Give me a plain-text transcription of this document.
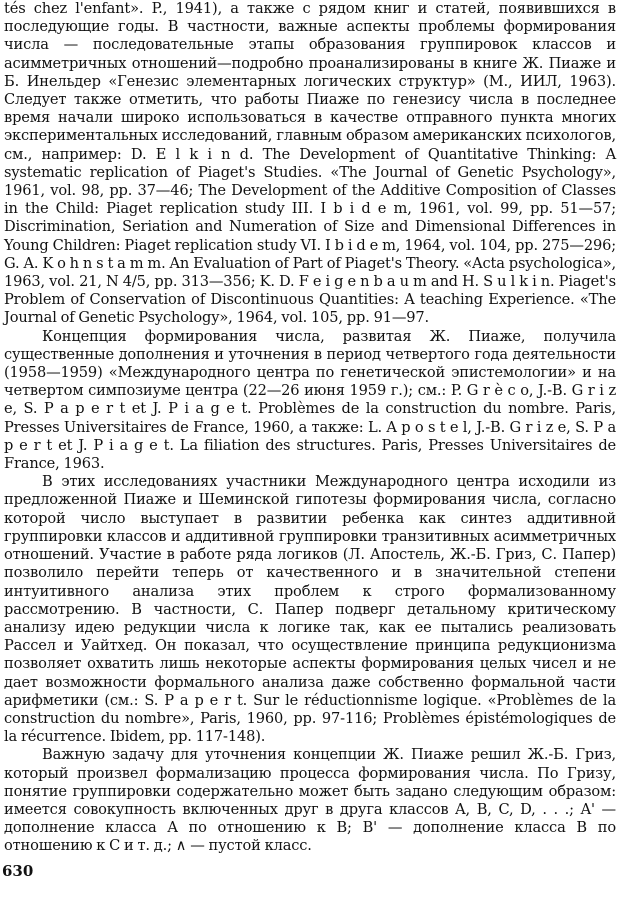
tés chez l'enfant». P., 1941), а также с рядом книг и статей, появившихся в последующие годы. В частности, важные аспекты проблемы формирования числа — последовательные этапы образования группировок классов и асимметричных отношений—подробно проанализированы в книге Ж. Пиаже и Б. Инельдер «Генезис элементарных логических структур» (М., ИИЛ, 1963). Следует также отметить, что работы Пиаже по генезису числа в последнее время начали широко использоваться в качестве отправного пункта многих экспериментальных исследований, главным образом американских психологов, см., например: D. E l k i n d. The Development of Quantitative Thinking: A systematic replication of Piaget's Studies. «The Journal of Genetic Psychology», 1961, vol. 98, pp. 37—46; The Development of the Additive Composition of Classes in the Child: Piaget replication study III. I b i d e m, 1961, vol. 99, pp. 51—57; Discrimination, Seriation and Numeration of Size and Dimensional Differences in Young Children: Piaget replication study VI. I b i d e m, 1964, vol. 104, pp. 275—296; G. A. K o h n s t a m m. An Evaluation of Part of Piaget's Theory. «Acta psychologica», 1963, vol. 21, N 4/5, pp. 313—356; K. D. F e i g e n b a u m and H. S u l k i n. Piaget's Problem of Conservation of Discontinuous Quantities: A teaching Experience. «The Journal of Genetic Psychology», 1964, vol. 105, pp. 91—97.

Концепция формирования числа, развитая Ж. Пиаже, получила существенные дополнения и уточнения в период четвертого года деятельности (1958—1959) «Международного центра по генетической эпистемологии» и на четвертом симпозиуме центра (22—26 июня 1959 г.); см.: P. G r è c o, J.-B. G r i z e, S. P a p e r t et J. P i a g e t. Problèmes de la construction du nombre. Paris, Presses Universitaires de France, 1960, а также: L. A p o s t e l, J.-B. G r i z e, S. P a p e r t et J. P i a g e t. La filiation des structures. Paris, Presses Universitaires de France, 1963.

В этих исследованиях участники Международного центра исходили из предложенной Пиаже и Шеминской гипотезы формирования числа, согласно которой число выступает в развитии ребенка как синтез аддитивной группировки классов и аддитивной группировки транзитивных асимметричных отношений. Участие в работе ряда логиков (Л. Апостель, Ж.-Б. Гриз, С. Папер) позволило перейти теперь от качественного и в значительной степени интуитивного анализа этих проблем к строго формализованному рассмотрению. В частности, С. Папер подверг детальному критическому анализу идею редукции числа к логике так, как ее пытались реализовать Рассел и Уайтхед. Он показал, что осуществление принципа редукционизма позволяет охватить лишь некоторые аспекты формирования целых чисел и не дает возможности формального анализа даже собственно формальной части арифметики (см.: S. P a p e r t. Sur le réductionnisme logique. «Problèmes de la construction du nombre», Paris, 1960, pp. 97-116; Problèmes épistémologiques de la récurrence. Ibidem, pp. 117-148).

Важную задачу для уточнения концепции Ж. Пиаже решил Ж.-Б. Гриз, который произвел формализацию процесса формирования числа. По Гризу, понятие группировки содержательно может быть задано следующим образом: имеется совокупность включенных друг в друга классов A, B, C, D, . . .; A' — дополнение класса A по отношению к B; B' — дополнение класса B по отношению к C и т. д.; ∧ — пустой класс.

630
